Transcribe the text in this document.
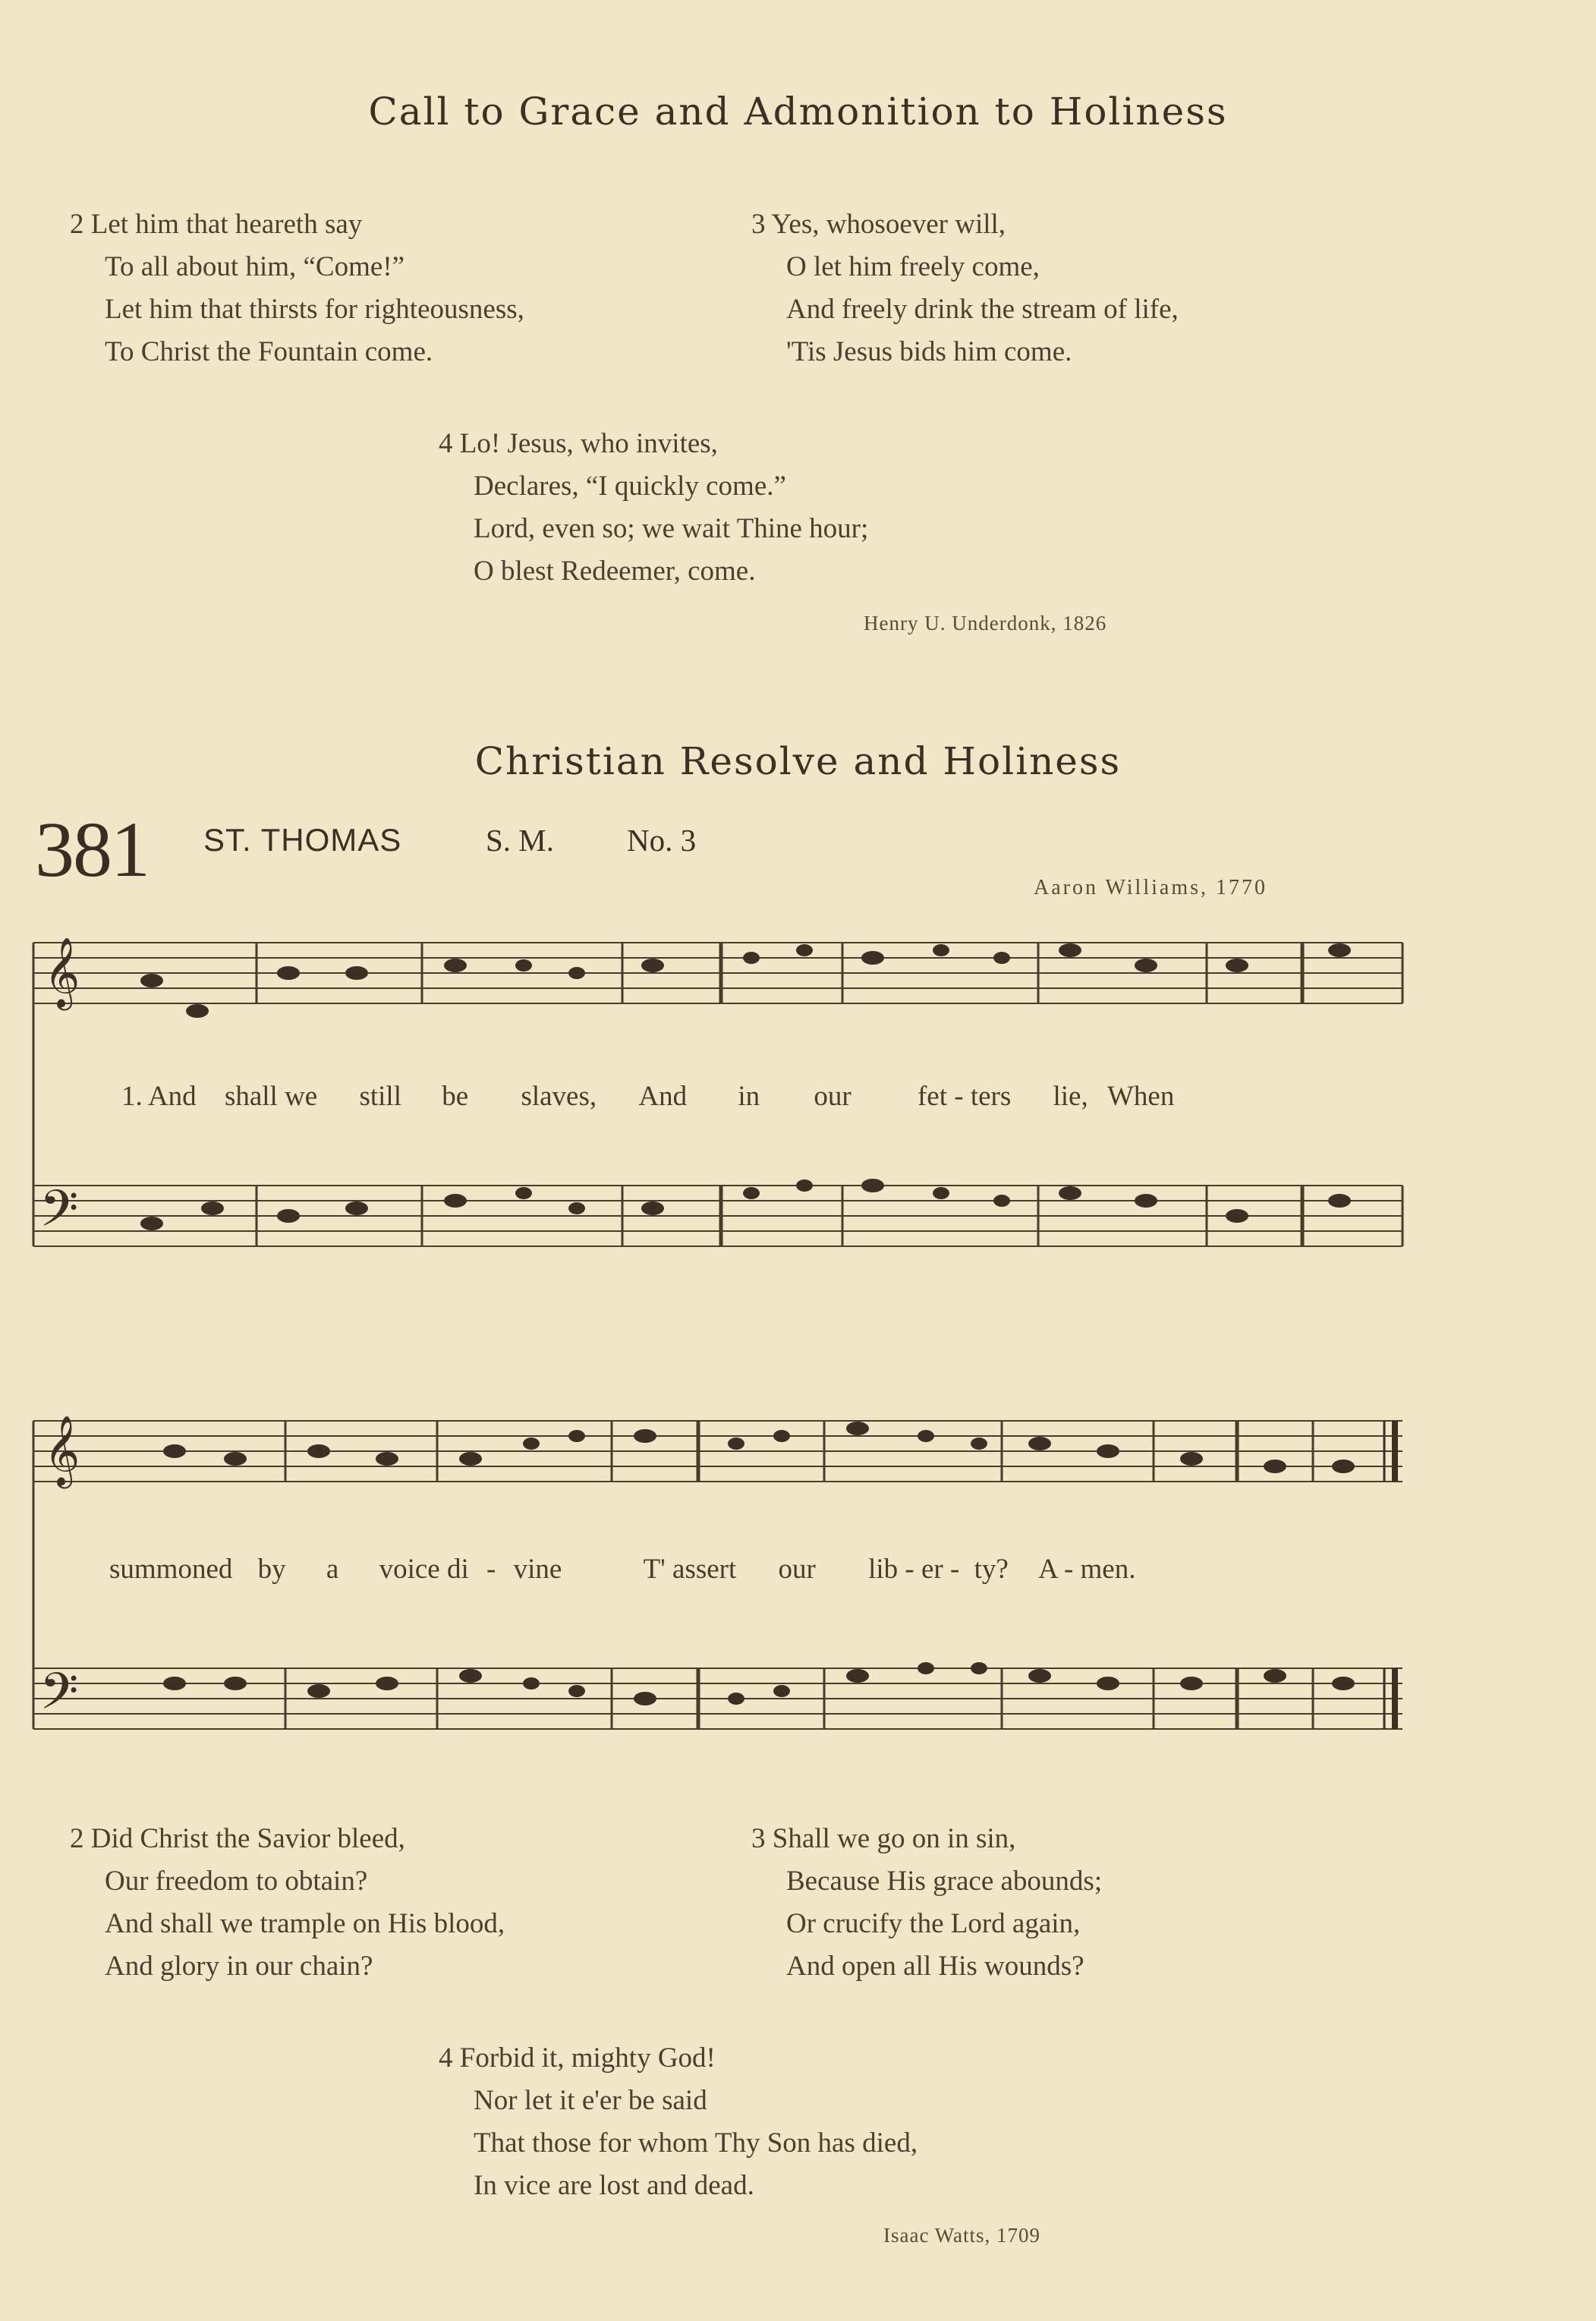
Call to Grace and Admonition to Holiness
2 Let him that heareth say
To all about him, “Come!”
Let him that thirsts for righteousness,
To Christ the Fountain come.
3 Yes, whosoever will,
O let him freely come,
And freely drink the stream of life,
'Tis Jesus bids him come.
4 Lo! Jesus, who invites,
Declares, “I quickly come.”
Lord, even so; we wait Thine hour;
O blest Redeemer, come.
Henry U. Underdonk, 1826
Christian Resolve and Holiness
381 ST. THOMAS	S. M. No. 3
Aaron Williams, 1770
𝄞
𝄢
1. And shall we still be slaves, And in our fet - ters lie, When
𝄞
𝄢
summoned by a voice di - vine	T' assert our lib - er - ty? A - men.
2 Did Christ the Savior bleed,
Our freedom to obtain?
And shall we trample on His blood,
And glory in our chain?
3 Shall we go on in sin,
Because His grace abounds;
Or crucify the Lord again,
And open all His wounds?
4 Forbid it, mighty God!
Nor let it e'er be said
That those for whom Thy Son has died,
In vice are lost and dead.
Isaac Watts, 1709
